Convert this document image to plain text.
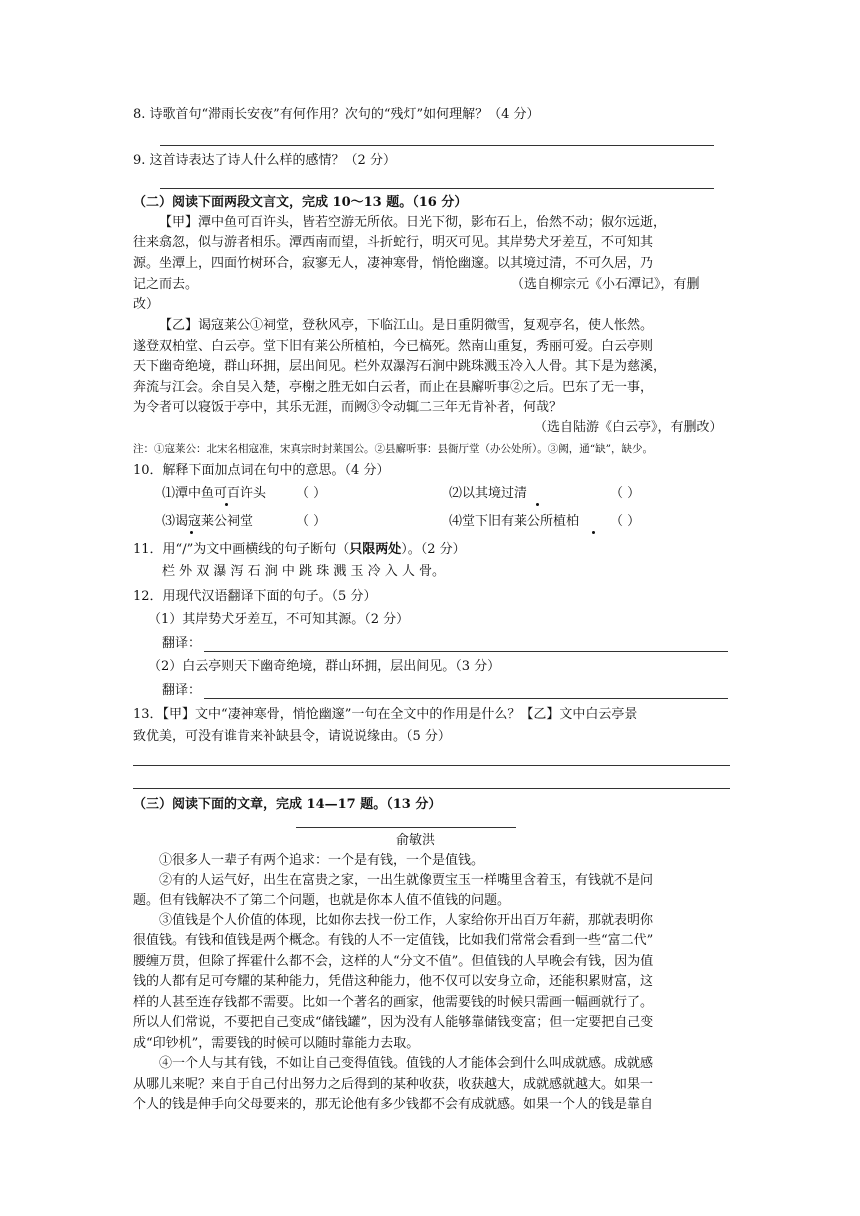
8. 诗歌首句“滞雨长安夜”有何作用？次句的“残灯”如何理解？（4 分）
9. 这首诗表达了诗人什么样的感情？（2 分）
（二）阅读下面两段文言文，完成 10～13 题。（16 分）
【甲】潭中鱼可百许头，皆若空游无所依。日光下彻，影布石上，佁然不动；俶尔远逝，
往来翕忽，似与游者相乐。潭西南而望，斗折蛇行，明灭可见。其岸势犬牙差互，不可知其
源。坐潭上，四面竹树环合，寂寥无人，凄神寒骨，悄怆幽邃。以其境过清，不可久居，乃
记之而去。	（选自柳宗元《小石潭记》，有删
改）
【乙】谒寇莱公①祠堂，登秋风亭，下临江山。是日重阴微雪，复观亭名，使人怅然。
遂登双柏堂、白云亭。堂下旧有莱公所植柏，今已槁死。然南山重复，秀丽可爱。白云亭则
天下幽奇绝境，群山环拥，层出间见。栏外双瀑泻石涧中跳珠溅玉冷入人骨。其下是为慈溪，
奔流与江会。余自吴入楚，亭榭之胜无如白云者，而止在县廨听事②之后。巴东了无一事，
为令者可以寝饭于亭中，其乐无涯，而阙③令动辄二三年无肯补者，何哉？
（选自陆游《白云亭》，有删改）
注：①寇莱公：北宋名相寇准，宋真宗时封莱国公。②县廨听事：县衙厅堂（办公处所）。③阙，通“缺”，缺少。
10．解释下面加点词在句中的意思。（4 分）
⑴潭中鱼可百许头 （ ）	⑵以其境过清	（ ）
⑶谒寇莱公祠堂	（ ）	⑷堂下旧有莱公所植柏 （ ）
11．用“/”为文中画横线的句子断句（只限两处）。（2 分）
栏 外 双 瀑 泻 石 涧 中 跳 珠 溅 玉 冷 入 人 骨。
12．用现代汉语翻译下面的句子。（5 分）
（1）其岸势犬牙差互，不可知其源。（2 分）
翻译：
（2）白云亭则天下幽奇绝境，群山环拥，层出间见。（3 分）
翻译：
13．【甲】文中“凄神寒骨，悄怆幽邃”一句在全文中的作用是什么？【乙】文中白云亭景
致优美，可没有谁肯来补缺县令，请说说缘由。（5 分）
（三）阅读下面的文章，完成 14—17 题。（13 分）
俞敏洪
①很多人一辈子有两个追求：一个是有钱，一个是值钱。
②有的人运气好，出生在富贵之家，一出生就像贾宝玉一样嘴里含着玉，有钱就不是问
题。但有钱解决不了第二个问题，也就是你本人值不值钱的问题。
③值钱是个人价值的体现，比如你去找一份工作，人家给你开出百万年薪，那就表明你
很值钱。有钱和值钱是两个概念。有钱的人不一定值钱，比如我们常常会看到一些“富二代”
腰缠万贯，但除了挥霍什么都不会，这样的人“分文不值”。但值钱的人早晚会有钱，因为值
钱的人都有足可夸耀的某种能力，凭借这种能力，他不仅可以安身立命，还能积累财富，这
样的人甚至连存钱都不需要。比如一个著名的画家，他需要钱的时候只需画一幅画就行了。
所以人们常说，不要把自己变成“储钱罐”，因为没有人能够靠储钱变富；但一定要把自己变
成“印钞机”，需要钱的时候可以随时靠能力去取。
④一个人与其有钱，不如让自己变得值钱。值钱的人才能体会到什么叫成就感。成就感
从哪儿来呢？来自于自己付出努力之后得到的某种收获，收获越大，成就感就越大。如果一
个人的钱是伸手向父母要来的，那无论他有多少钱都不会有成就感。如果一个人的钱是靠自
